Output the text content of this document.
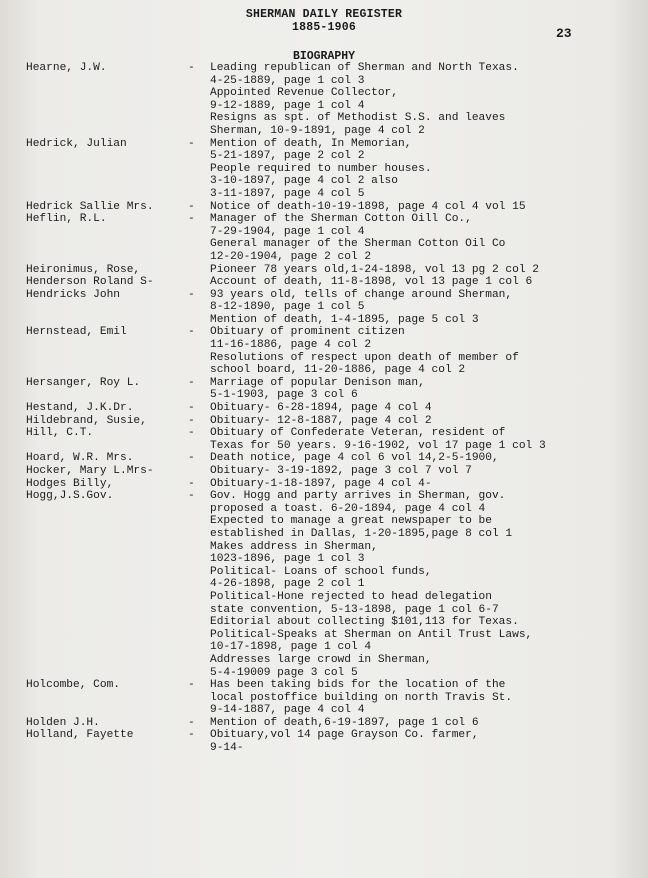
SHERMAN DAILY REGISTER
1885-1906	23
BIOGRAPHY
Hearne, J.W.	- Leading republican of Sherman and North Texas.
4-25-1889, page 1 col 3
Appointed Revenue Collector,
9-12-1889, page 1 col 4
Resigns as spt. of Methodist S.S. and leaves
Sherman, 10-9-1891, page 4 col 2
Hedrick, Julian	- Mention of death, In Memorian,
5-21-1897, page 2 col 2
People required to number houses.
3-10-1897, page 4 col 2 also
3-11-1897, page 4 col 5
Hedrick Sallie Mrs.	- Notice of death-10-19-1898, page 4 col 4 vol 15
Heflin, R.L.	- Manager of the Sherman Cotton Oill Co.,
7-29-1904, page 1 col 4
General manager of the Sherman Cotton Oil Co
12-20-1904, page 2 col 2
Heironimus, Rose,	Pioneer 78 years old,1-24-1898, vol 13 pg 2 col 2
Henderson Roland S-	Account of death, 11-8-1898, vol 13 page 1 col 6
Hendricks John	- 93 years old, tells of change around Sherman,
8-12-1890, page 1 col 5
Mention of death, 1-4-1895, page 5 col 3
Hernstead, Emil	- Obituary of prominent citizen
11-16-1886, page 4 col 2
Resolutions of respect upon death of member of
school board, 11-20-1886, page 4 col 2
Hersanger, Roy L.	- Marriage of popular Denison man,
5-1-1903, page 3 col 6
Hestand, J.K.Dr.	- Obituary- 6-28-1894, page 4 col 4
Hildebrand, Susie,	- Obituary- 12-8-1887, page 4 col 2
Hill, C.T.	- Obituary of Confederate Veteran, resident of
Texas for 50 years. 9-16-1902, vol 17 page 1 col 3
Hoard, W.R. Mrs.	- Death notice, page 4 col 6 vol 14,2-5-1900,
Hocker, Mary L.Mrs-	Obituary- 3-19-1892, page 3 col 7 vol 7
Hodges Billy,	- Obituary-1-18-1897, page 4 col 4-
Hogg,J.S.Gov.	- Gov. Hogg and party arrives in Sherman, gov.
proposed a toast. 6-20-1894, page 4 col 4
Expected to manage a great newspaper to be
established in Dallas, 1-20-1895,page 8 col 1
Makes address in Sherman,
1023-1896, page 1 col 3
Political- Loans of school funds,
4-26-1898, page 2 col 1
Political-Hone rejected to head delegation
state convention, 5-13-1898, page 1 col 6-7
Editorial about collecting $101,113 for Texas.
Political-Speaks at Sherman on Antil Trust Laws,
10-17-1898, page 1 col 4
Addresses large crowd in Sherman,
5-4-19009 page 3 col 5
Holcombe, Com.	- Has been taking bids for the location of the
local postoffice building on north Travis St.
9-14-1887, page 4 col 4
Holden J.H.	- Mention of death,6-19-1897, page 1 col 6
Holland, Fayette	- Obituary,vol 14 page Grayson Co. farmer,
9-14-
